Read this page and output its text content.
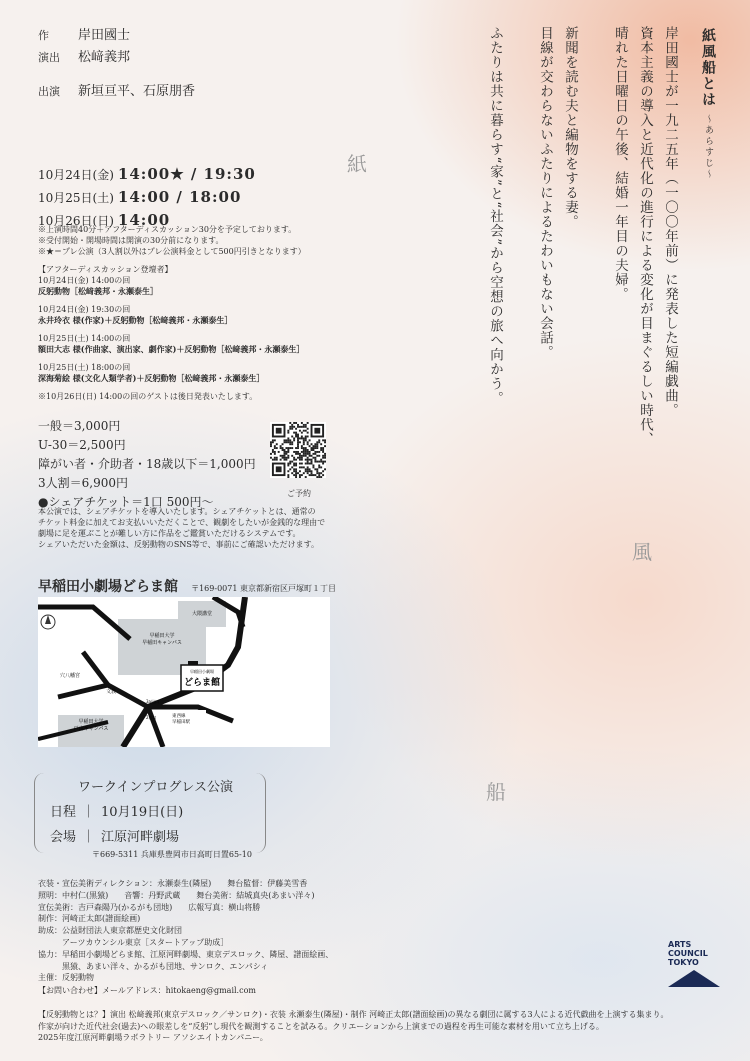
作 岸田國士
演出 松﨑義邦
出演 新垣亘平、石原朋香
10月24日(金) 14:00★ / 19:30
10月25日(土) 14:00 / 18:00
10月26日(日) 14:00
※上演時間40分＋アフターディスカッション30分を予定しております。
※受付開始・開場時間は開演の30分前になります。
※★＝プレ公演（3人割以外はプレ公演料金として500円引きとなります）
【アフターディスカッション登壇者】
10月24日(金) 14:00の回
反躬動物［松﨑義邦・永瀬泰生］
10月24日(金) 19:30の回
永井玲衣 様(作家)＋反躬動物［松﨑義邦・永瀬泰生］
10月25日(土) 14:00の回
額田大志 様(作曲家、演出家、劇作家)＋反躬動物［松﨑義邦・永瀬泰生］
10月25日(土) 18:00の回
深海菊絵 様(文化人類学者)＋反躬動物［松﨑義邦・永瀬泰生］
※10月26日(日) 14:00の回のゲストは後日発表いたします。
一般＝3,000円
U-30＝2,500円
障がい者・介助者・18歳以下＝1,000円
3人割＝6,900円
●シェアチケット＝1口 500円〜
本公演では、シェアチケットを導入いたします。シェアチケットとは、通常の
チケット料金に加えてお支払いいただくことで、観劇をしたいが金銭的な理由で
劇場に足を運ぶことが難しい方に作品をご鑑賞いただけるシステムです。
シェアいただいた金額は、反躬動物のSNS等で、事前にご確認いただけます。
ご予約
早稲田小劇場どらま館 〒169-0071 東京都新宿区戸塚町１丁目
早稲田小劇場
どらま館
早稲田大学早稲田キャンパス
大隈講堂
穴八幡宮
文教
早稲田大学戸山キャンパス
3a出口
2出口	東西線早稲田駅
ワークインプログレス公演
日程 ｜ 10月19日(日)
会場 ｜ 江原河畔劇場
〒669-5311 兵庫県豊岡市日高町日置65-10
衣装・宣伝美術ディレクション：永瀬泰生(隣屋)　　舞台監督：伊藤美雪香
照明：中村仁(黒猿)　　音響：丹野武蔵　　舞台美術：結城真央(あまい洋々)
宣伝美術：吉戸森陽乃(かるがも団地)　　広報写真：横山将勝
制作：河崎正太郎(譜面絵画)
助成：公益財団法人東京都歴史文化財団
　　　アーツカウンシル東京［スタートアップ助成］
協力：早稲田小劇場どらま館、江原河畔劇場、東京デスロック、隣屋、譜面絵画、
　　　黒猿、あまい洋々、かるがも団地、サンロク、エンパシィ
主催：反躬動物
【お問い合わせ】メールアドレス：hitokaeng@gmail.com
【反躬動物とは？】演出 松﨑義邦(東京デスロック／サンロク)・衣装 永瀬泰生(隣屋)・制作 河崎正太郎(譜面絵画)の異なる劇団に属する3人による近代戯曲を上演する集まり。
作家が向けた近代社会(過去)への眼差しを“反躬”し現代を観測することを試みる。クリエーションから上演までの過程を再生可能な素材を用いて立ち上げる。
2025年度江原河畔劇場ラボラトリー アソシエイトカンパニー。
紙風船とは〜あらすじ〜
岸田國士が一九二五年（一〇〇年前）に発表した短編戯曲。
資本主義の導入と近代化の進行による変化が目まぐるしい時代、
晴れた日曜日の午後、結婚一年目の夫婦。

新聞を読む夫と編物をする妻。
目線が交わらないふたりによるたわいもない会話。

ふたりは共に暮らす“家”と“社会”から空想の旅へ向かう。
紙
風
船
ARTS
COUNCIL
TOKYO
